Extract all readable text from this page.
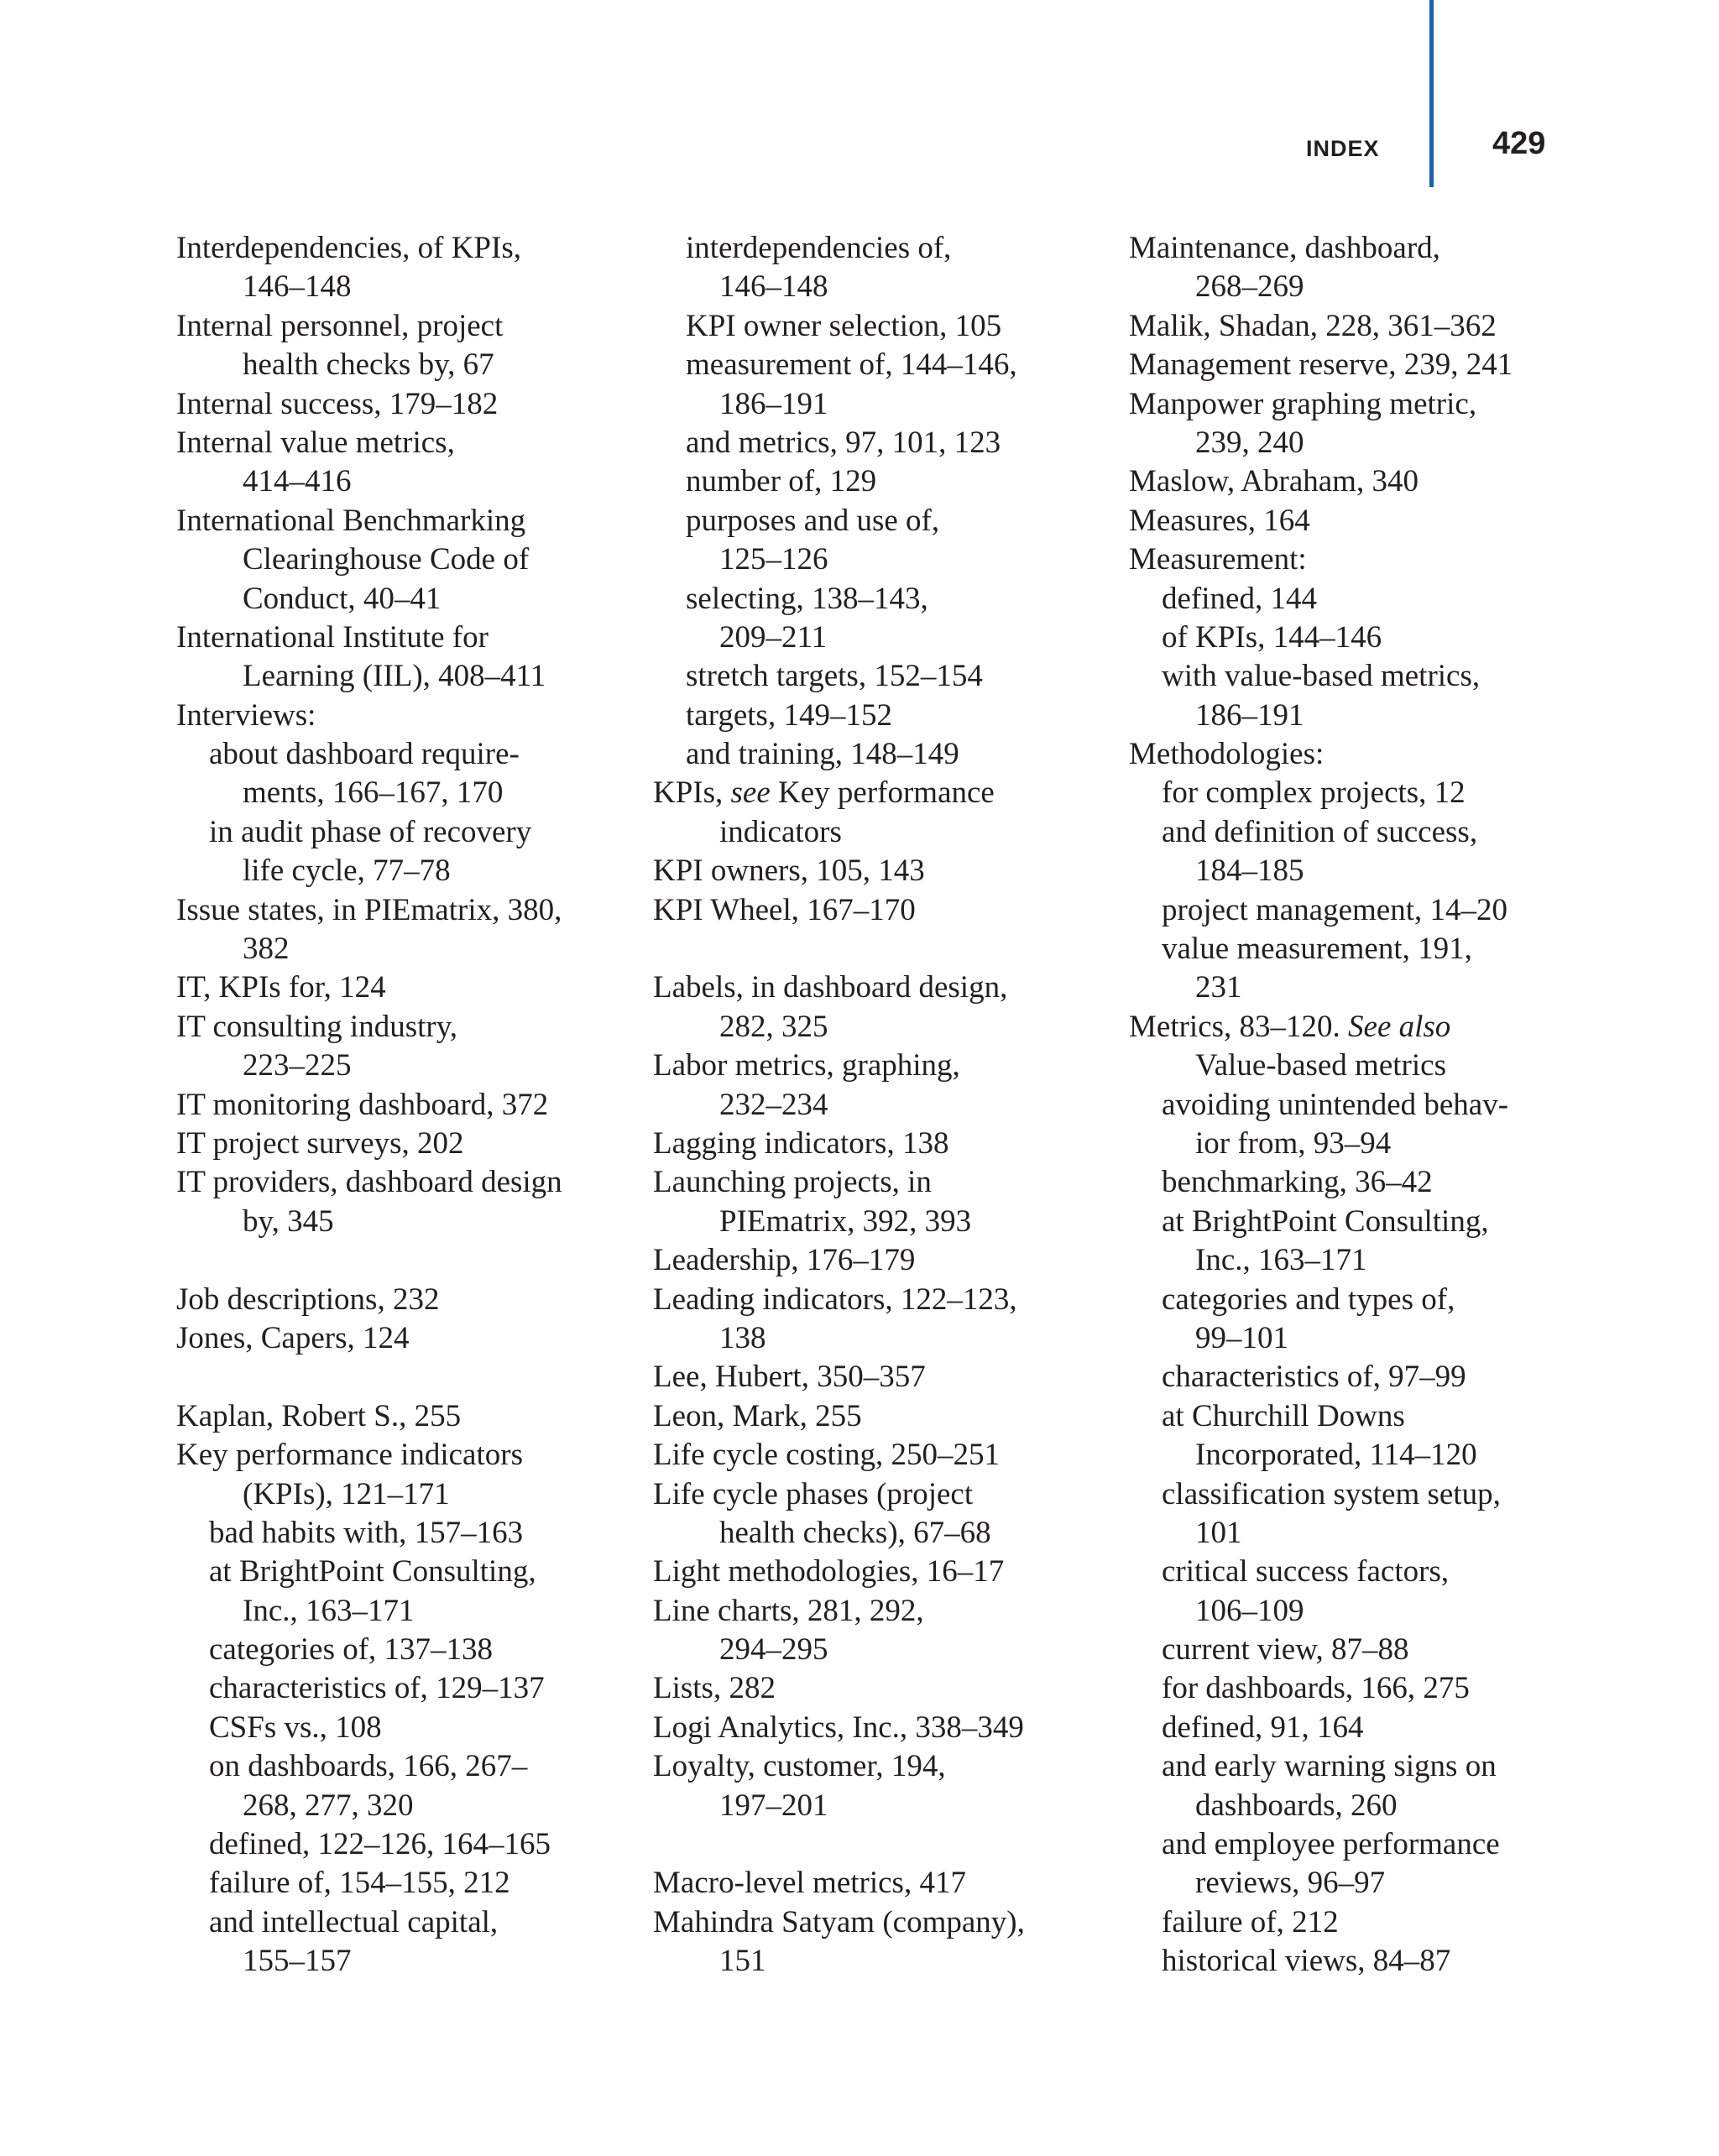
INDEX	429
Interdependencies, of KPIs,
146–148
Internal personnel, project
health checks by, 67
Internal success, 179–182
Internal value metrics,
414–416
International Benchmarking
Clearinghouse Code of
Conduct, 40–41
International Institute for
Learning (IIL), 408–411
Interviews:
about dashboard require-
ments, 166–167, 170
in audit phase of recovery
life cycle, 77–78
Issue states, in PIEmatrix, 380,
382
IT, KPIs for, 124
IT consulting industry,
223–225
IT monitoring dashboard, 372
IT project surveys, 202
IT providers, dashboard design
by, 345
Job descriptions, 232
Jones, Capers, 124
Kaplan, Robert S., 255
Key performance indicators
(KPIs), 121–171
bad habits with, 157–163
at BrightPoint Consulting,
Inc., 163–171
categories of, 137–138
characteristics of, 129–137
CSFs vs., 108
on dashboards, 166, 267–
268, 277, 320
defined, 122–126, 164–165
failure of, 154–155, 212
and intellectual capital,
155–157
interdependencies of,
146–148
KPI owner selection, 105
measurement of, 144–146,
186–191
and metrics, 97, 101, 123
number of, 129
purposes and use of,
125–126
selecting, 138–143,
209–211
stretch targets, 152–154
targets, 149–152
and training, 148–149
KPIs, see Key performance
indicators
KPI owners, 105, 143
KPI Wheel, 167–170
Labels, in dashboard design,
282, 325
Labor metrics, graphing,
232–234
Lagging indicators, 138
Launching projects, in
PIEmatrix, 392, 393
Leadership, 176–179
Leading indicators, 122–123,
138
Lee, Hubert, 350–357
Leon, Mark, 255
Life cycle costing, 250–251
Life cycle phases (project
health checks), 67–68
Light methodologies, 16–17
Line charts, 281, 292,
294–295
Lists, 282
Logi Analytics, Inc., 338–349
Loyalty, customer, 194,
197–201
Macro-level metrics, 417
Mahindra Satyam (company),
151
Maintenance, dashboard,
268–269
Malik, Shadan, 228, 361–362
Management reserve, 239, 241
Manpower graphing metric,
239, 240
Maslow, Abraham, 340
Measures, 164
Measurement:
defined, 144
of KPIs, 144–146
with value-based metrics,
186–191
Methodologies:
for complex projects, 12
and definition of success,
184–185
project management, 14–20
value measurement, 191,
231
Metrics, 83–120. See also
Value-based metrics
avoiding unintended behav-
ior from, 93–94
benchmarking, 36–42
at BrightPoint Consulting,
Inc., 163–171
categories and types of,
99–101
characteristics of, 97–99
at Churchill Downs
Incorporated, 114–120
classification system setup,
101
critical success factors,
106–109
current view, 87–88
for dashboards, 166, 275
defined, 91, 164
and early warning signs on
dashboards, 260
and employee performance
reviews, 96–97
failure of, 212
historical views, 84–87
